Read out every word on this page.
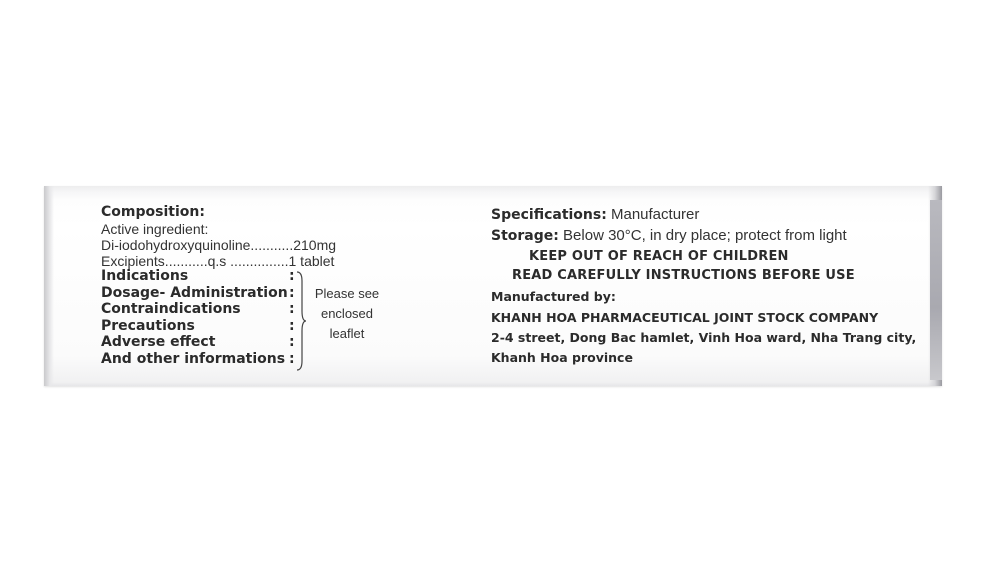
Composition:
Active ingredient:
Di-iodohydroxyquinoline...........210mg
Excipients...........q.s ...............1 tablet
Indications	:
Dosage- Administration :
Contraindications	:
Precautions	:
Adverse effect	:
And other informations :
Please see
enclosed
leaflet
Specifications: Manufacturer
Storage: Below 30°C, in dry place; protect from light
KEEP OUT OF REACH OF CHILDREN
READ CAREFULLY INSTRUCTIONS BEFORE USE
Manufactured by:
KHANH HOA PHARMACEUTICAL JOINT STOCK COMPANY
2-4 street, Dong Bac hamlet, Vinh Hoa ward, Nha Trang city,
Khanh Hoa province
